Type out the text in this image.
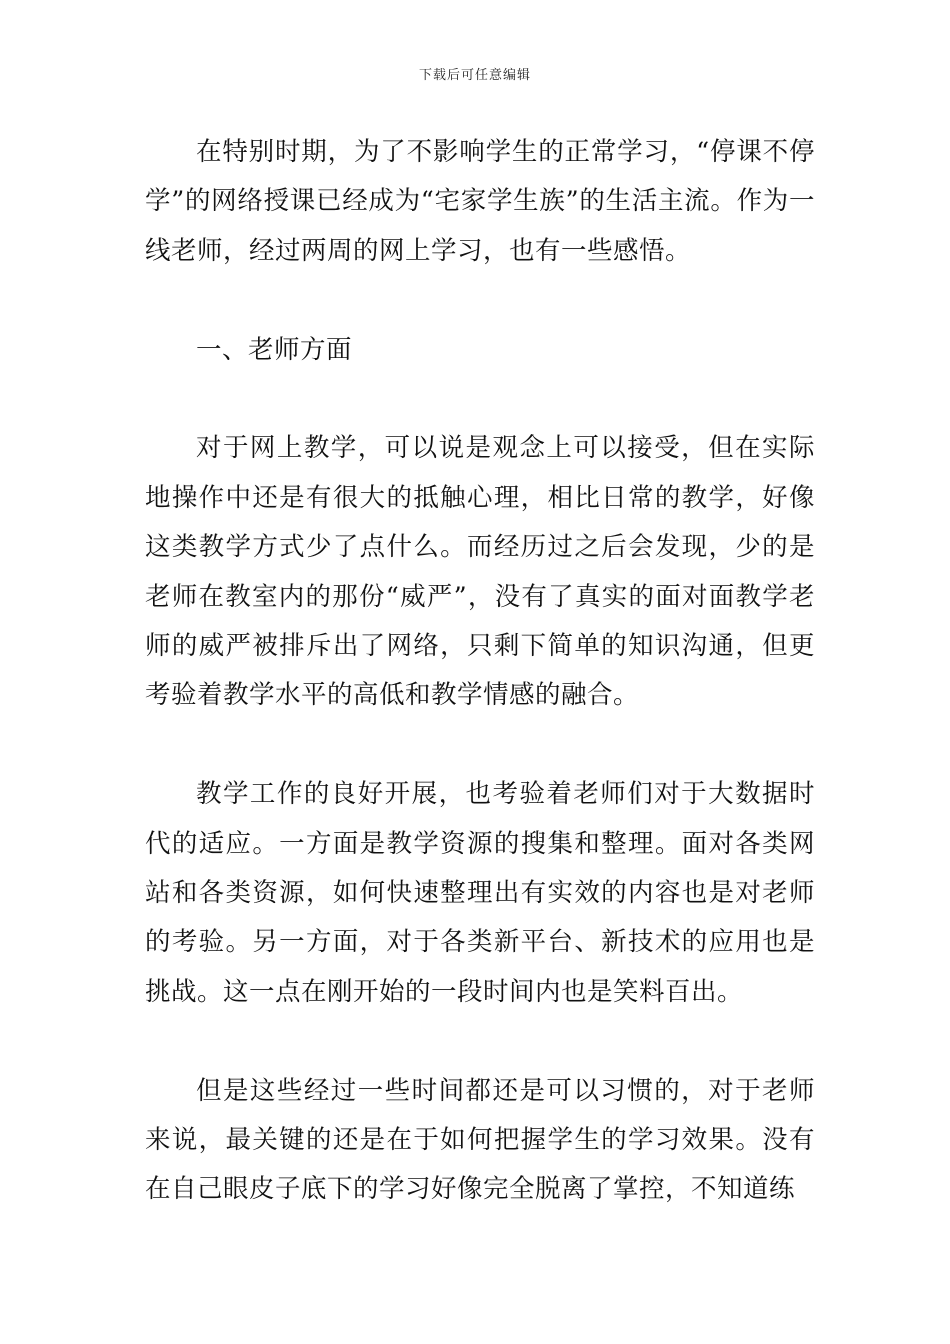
下载后可任意编辑

在特别时期，为了不影响学生的正常学习，“停课不停学”的网络授课已经成为“宅家学生族”的生活主流。作为一线老师，经过两周的网上学习，也有一些感悟。

一、老师方面

对于网上教学，可以说是观念上可以接受，但在实际地操作中还是有很大的抵触心理，相比日常的教学，好像这类教学方式少了点什么。而经历过之后会发现，少的是老师在教室内的那份“威严”，没有了真实的面对面教学老师的威严被排斥出了网络，只剩下简单的知识沟通，但更考验着教学水平的高低和教学情感的融合。

教学工作的良好开展，也考验着老师们对于大数据时代的适应。一方面是教学资源的搜集和整理。面对各类网站和各类资源，如何快速整理出有实效的内容也是对老师的考验。另一方面，对于各类新平台、新技术的应用也是挑战。这一点在刚开始的一段时间内也是笑料百出。

但是这些经过一些时间都还是可以习惯的，对于老师来说，最关键的还是在于如何把握学生的学习效果。没有在自己眼皮子底下的学习好像完全脱离了掌控，不知道练
